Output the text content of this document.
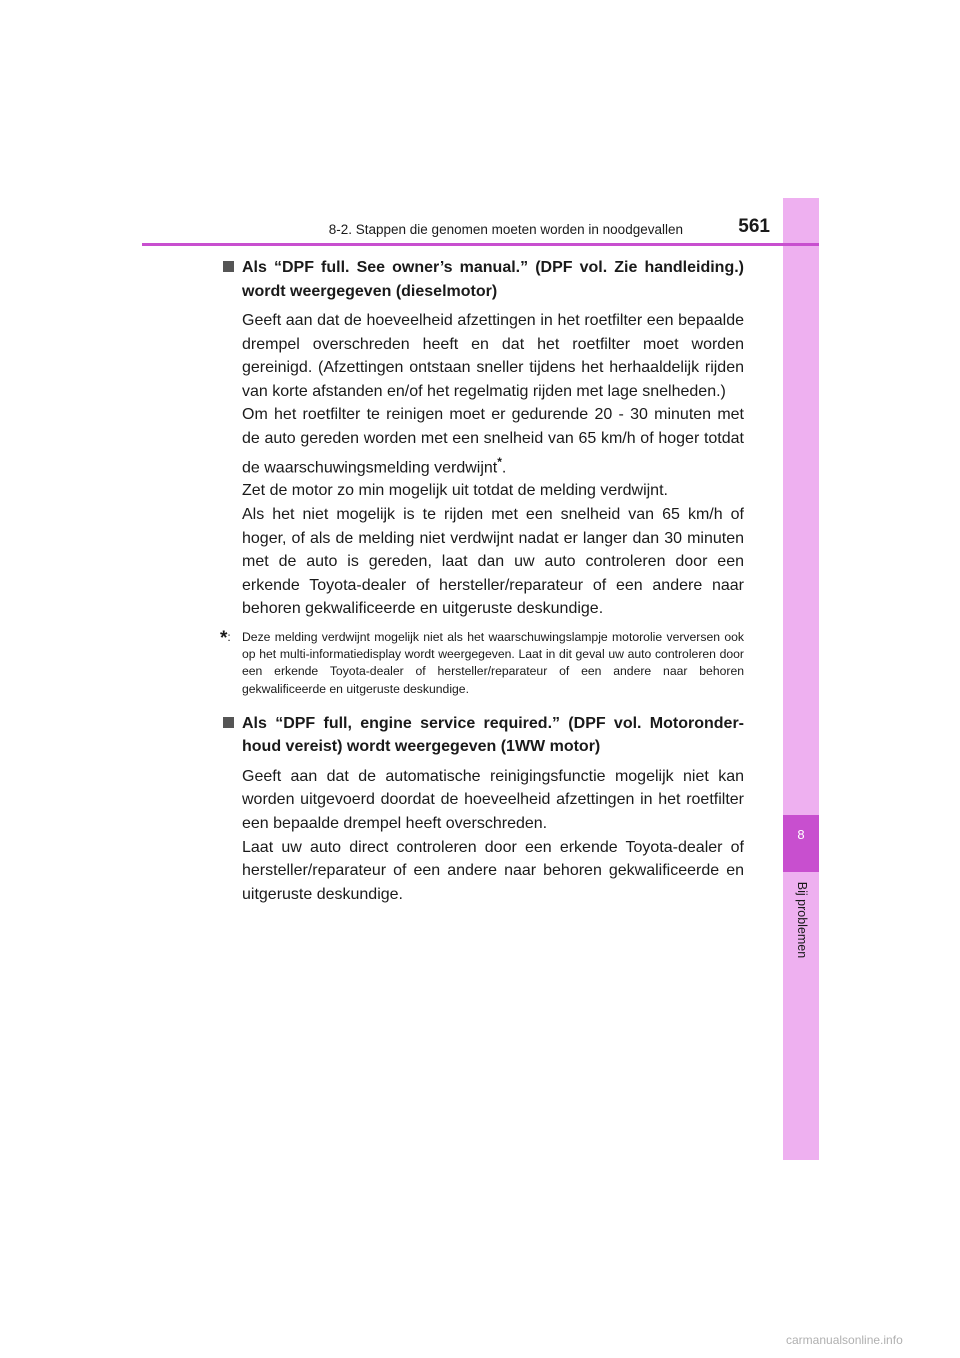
8
Bij problemen
8-2. Stappen die genomen moeten worden in noodgevallen	561
Als “DPF full. See owner’s manual.” (DPF vol. Zie handleiding.) wordt weergegeven (dieselmotor)
Geeft aan dat de hoeveelheid afzettingen in het roetfilter een bepaalde drempel overschreden heeft en dat het roetfilter moet worden gereinigd. (Afzettingen ontstaan sneller tijdens het herhaaldelijk rijden van korte afstanden en/of het regelmatig rijden met lage snelheden.)
Om het roetfilter te reinigen moet er gedurende 20 - 30 minuten met de auto gereden worden met een snelheid van 65 km/h of hoger totdat de waarschuwingsmelding verdwijnt*.
Zet de motor zo min mogelijk uit totdat de melding verdwijnt.
Als het niet mogelijk is te rijden met een snelheid van 65 km/h of hoger, of als de melding niet verdwijnt nadat er langer dan 30 minuten met de auto is gereden, laat dan uw auto controleren door een erkende Toyota-dealer of hersteller/reparateur of een andere naar behoren gekwalificeerde en uitgeruste deskundige.
*: Deze melding verdwijnt mogelijk niet als het waarschuwingslampje motorolie verversen ook op het multi-informatiedisplay wordt weergegeven. Laat in dit geval uw auto controleren door een erkende Toyota-dealer of hersteller/reparateur of een andere naar behoren gekwalificeerde en uitgeruste deskundige.
Als “DPF full, engine service required.” (DPF vol. Motoronderhoud vereist) wordt weergegeven (1WW motor)
Geeft aan dat de automatische reinigingsfunctie mogelijk niet kan worden uitgevoerd doordat de hoeveelheid afzettingen in het roetfilter een bepaalde drempel heeft overschreden.
Laat uw auto direct controleren door een erkende Toyota-dealer of hersteller/reparateur of een andere naar behoren gekwalificeerde en uitgeruste deskundige.
carmanualsonline.info
